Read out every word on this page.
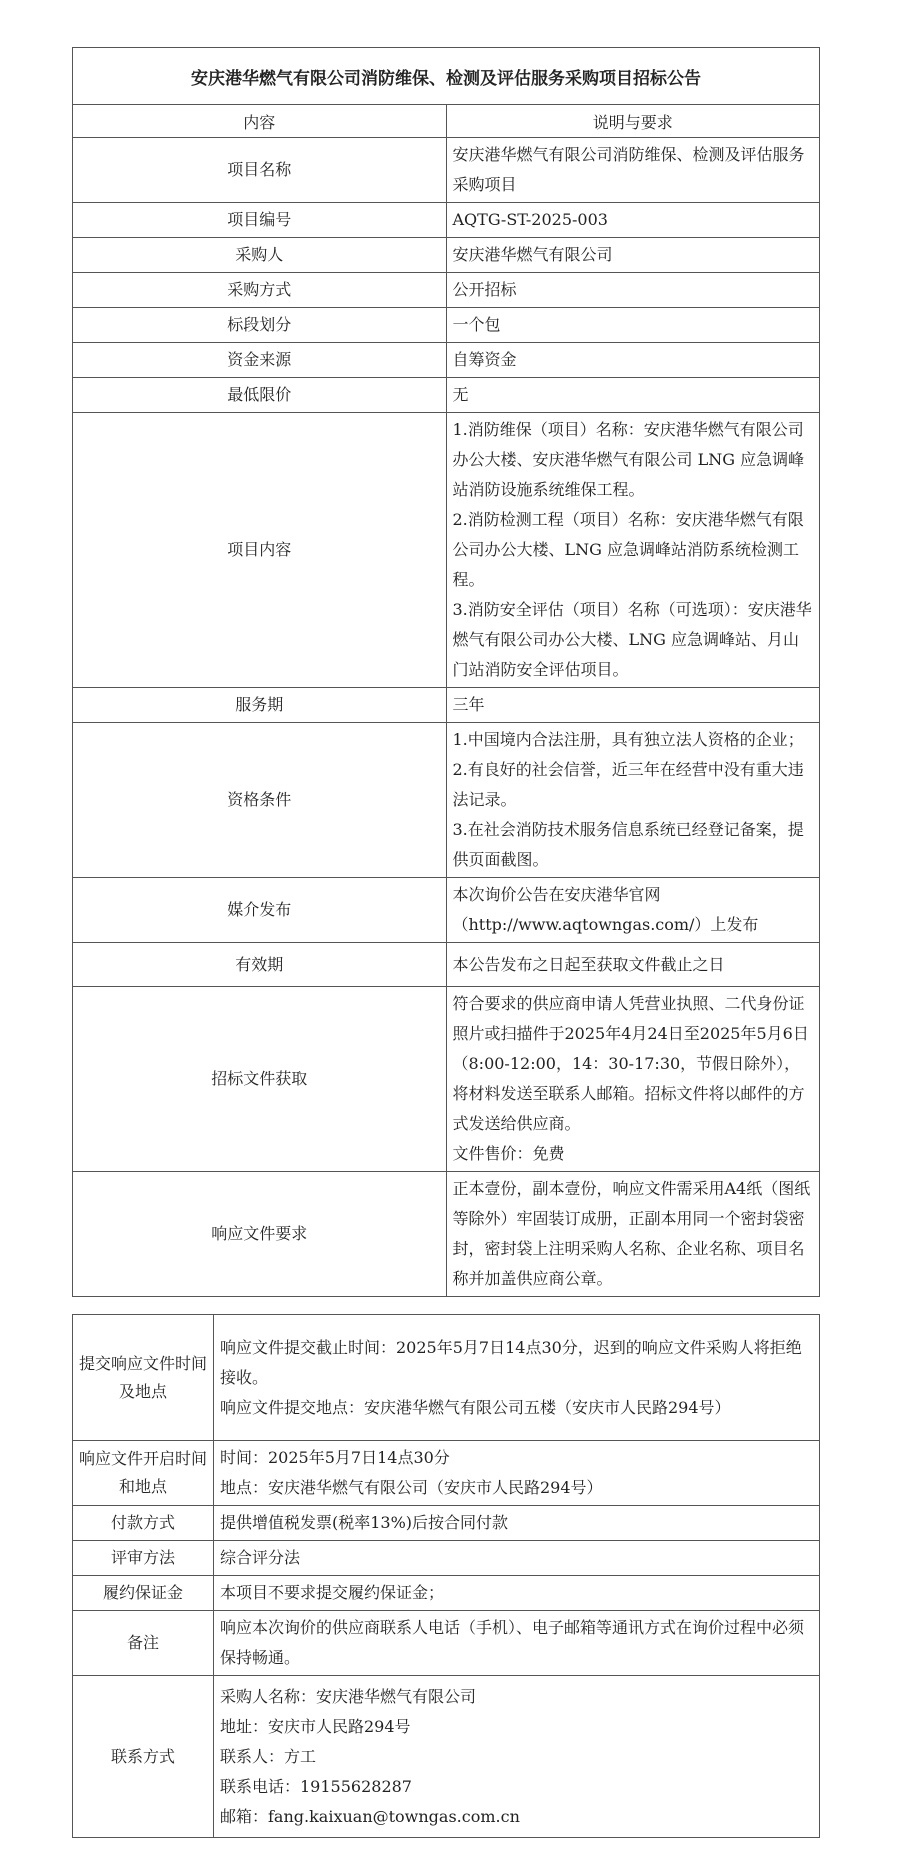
安庆港华燃气有限公司消防维保、检测及评估服务采购项目招标公告	
内容	说明与要求
项目名称	安庆港华燃气有限公司消防维保、检测及评估服务采购项目

项目编号	AQTG-ST-2025-003

采购人	安庆港华燃气有限公司

采购方式	公开招标

标段划分	一个包

资金来源	自筹资金

最低限价	无

项目内容	1.消防维保（项目）名称：安庆港华燃气有限公司办公大楼、安庆港华燃气有限公司 LNG 应急调峰站消防设施系统维保工程。

2.消防检测工程（项目）名称：安庆港华燃气有限公司办公大楼、LNG 应急调峰站消防系统检测工程。

3.消防安全评估（项目）名称（可选项）：安庆港华燃气有限公司办公大楼、LNG 应急调峰站、月山门站消防安全评估项目。

服务期	三年

资格条件	1.中国境内合法注册，具有独立法人资格的企业；

2.有良好的社会信誉，近三年在经营中没有重大违法记录。

3.在社会消防技术服务信息系统已经登记备案，提供页面截图。

媒介发布	本次询价公告在安庆港华官网（http://www.aqtowngas.com/）上发布

有效期	本公告发布之日起至获取文件截止之日

招标文件获取	符合要求的供应商申请人凭营业执照、二代身份证照片或扫描件于2025年4月24日至2025年5月6日（8:00-12:00，14：30-17:30，节假日除外），将材料发送至联系人邮箱。招标文件将以邮件的方式发送给供应商。

文件售价：免费

响应文件要求	正本壹份，副本壹份，响应文件需采用A4纸（图纸等除外）牢固装订成册，正副本用同一个密封袋密封，密封袋上注明采购人名称、企业名称、项目名称并加盖供应商公章。

提交响应文件时间及地点	响应文件提交截止时间：2025年5月7日14点30分，迟到的响应文件采购人将拒绝接收。

响应文件提交地点：安庆港华燃气有限公司五楼（安庆市人民路294号）

响应文件开启时间和地点	时间：2025年5月7日14点30分

地点：安庆港华燃气有限公司（安庆市人民路294号）

付款方式	提供增值税发票(税率13%)后按合同付款

评审方法	综合评分法

履约保证金	本项目不要求提交履约保证金；

备注	响应本次询价的供应商联系人电话（手机）、电子邮箱等通讯方式在询价过程中必须保持畅通。

联系方式	采购人名称：安庆港华燃气有限公司

地址：安庆市人民路294号

联系人：方工

联系电话：19155628287

邮箱：fang.kaixuan@towngas.com.cn
